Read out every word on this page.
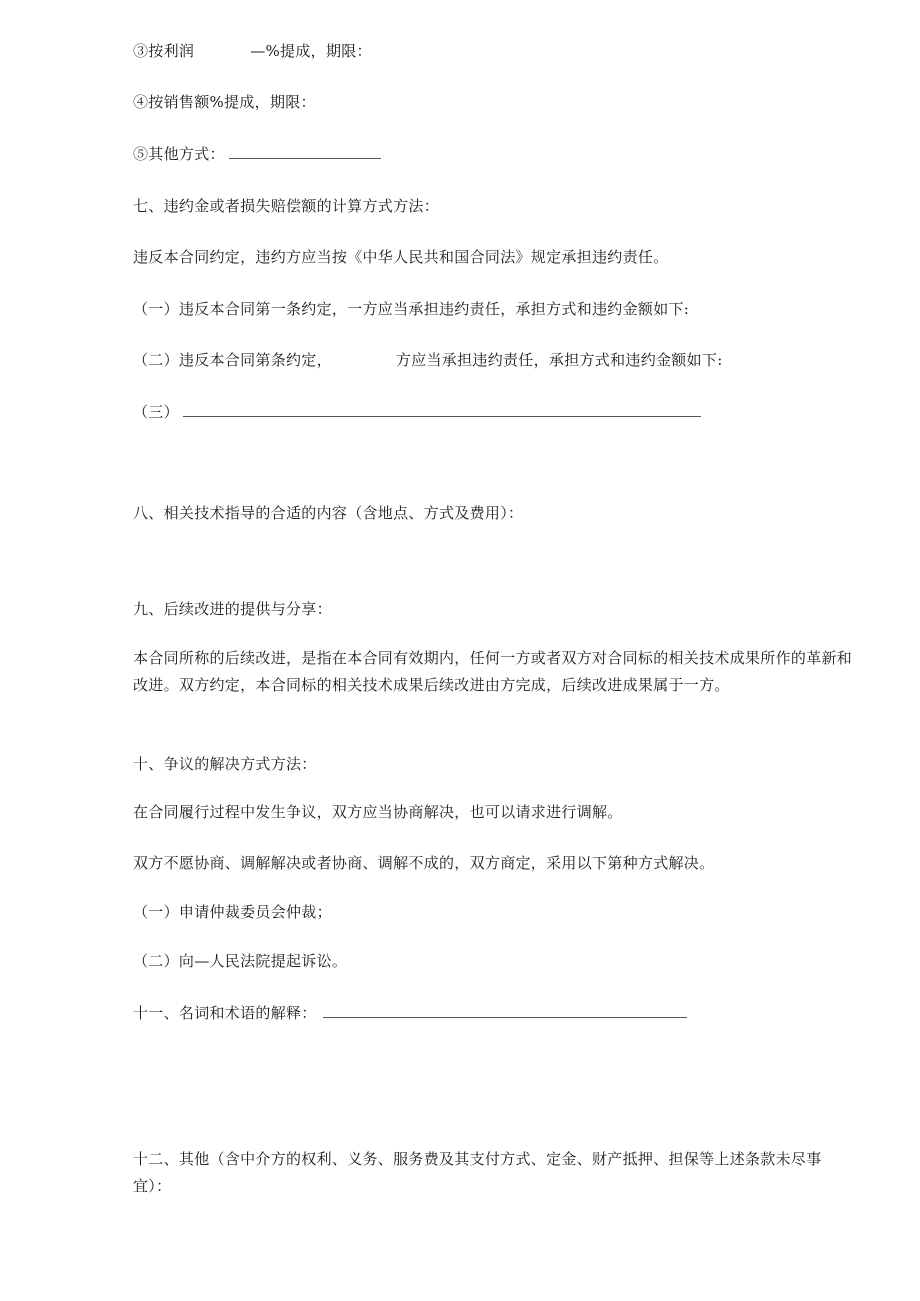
③按利润	—%提成，期限：
④按销售额%提成，期限：
⑤其他方式：
七、违约金或者损失赔偿额的计算方式方法：
违反本合同约定，违约方应当按《中华人民共和国合同法》规定承担违约责任。
（一）违反本合同第一条约定，一方应当承担违约责任，承担方式和违约金额如下:
（二）违反本合同第条约定，	方应当承担违约责任，承担方式和违约金额如下:
（三）
八、相关技术指导的合适的内容（含地点、方式及费用）：
九、后续改进的提供与分享：
本合同所称的后续改进，是指在本合同有效期内，任何一方或者双方对合同标的相关技术成果所作的革新和改进。双方约定，本合同标的相关技术成果后续改进由方完成，后续改进成果属于一方。
十、争议的解决方式方法：
在合同履行过程中发生争议，双方应当协商解决，也可以请求进行调解。
双方不愿协商、调解解决或者协商、调解不成的，双方商定，采用以下第种方式解决。
（一）申请仲裁委员会仲裁；
（二）向—人民法院提起诉讼。
十一、名词和术语的解释：
十二、其他（含中介方的权利、义务、服务费及其支付方式、定金、财产抵押、担保等上述条款未尽事宜）：
